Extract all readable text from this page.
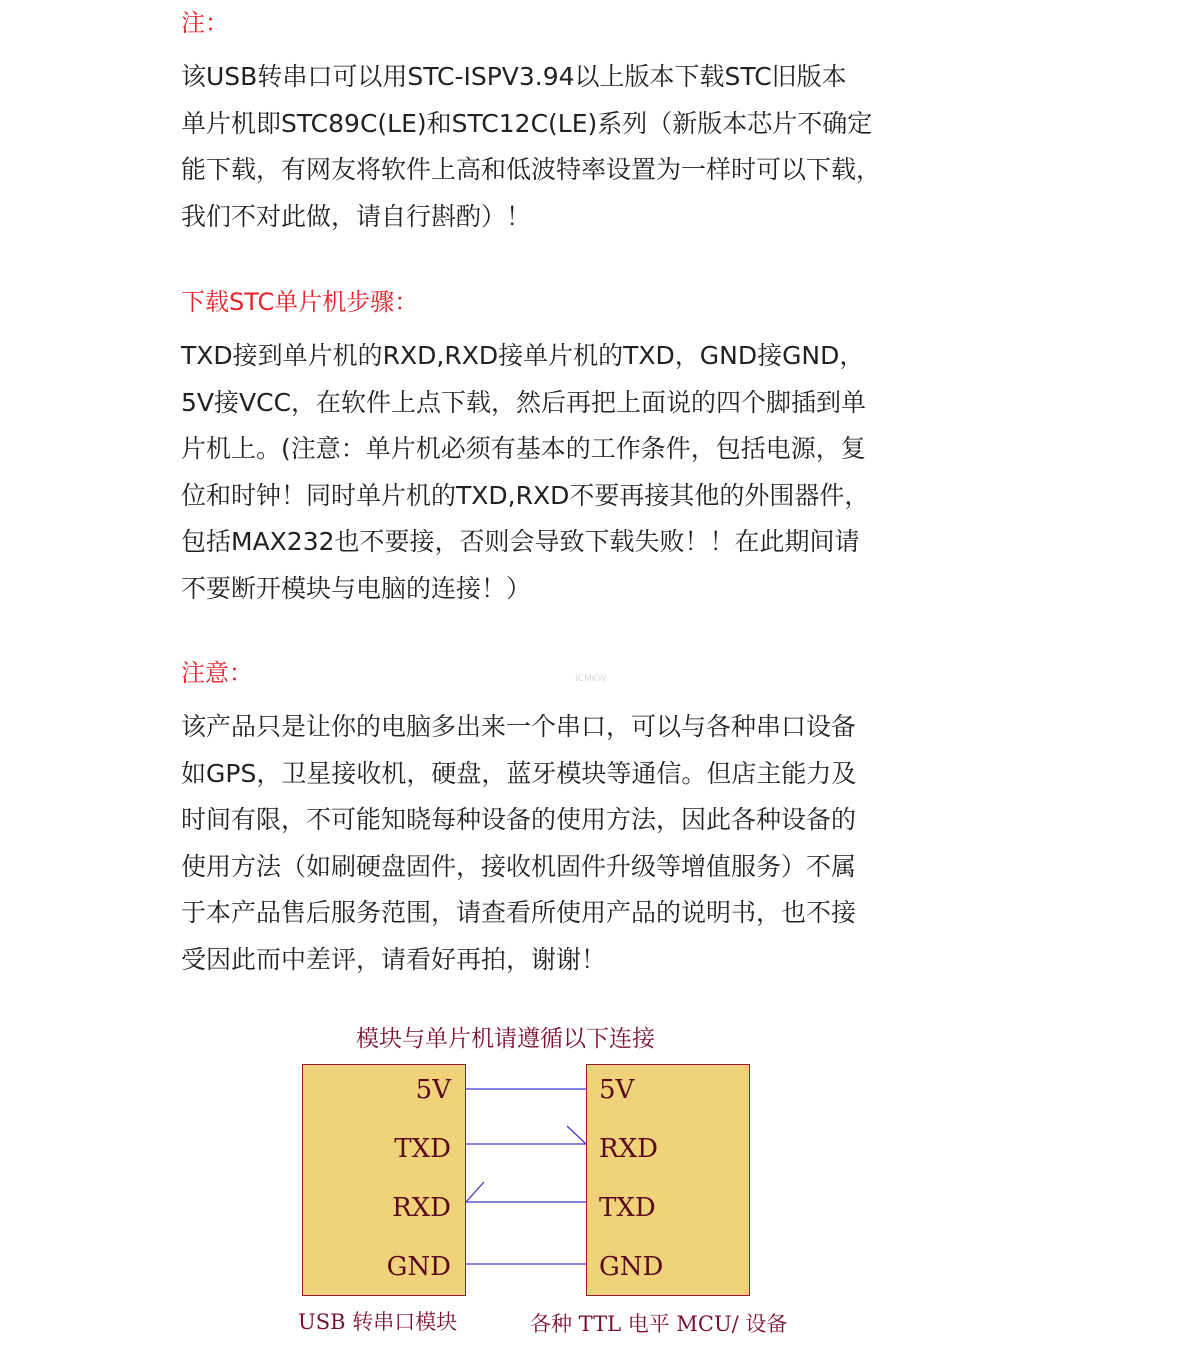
注：

该USB转串口可以用STC-ISPV3.94以上版本下载STC旧版本
单片机即STC89C(LE)和STC12C(LE)系列（新版本芯片不确定
能下载，有网友将软件上高和低波特率设置为一样时可以下载，
我们不对此做，请自行斟酌）！

下载STC单片机步骤：

TXD接到单片机的RXD,RXD接单片机的TXD，GND接GND，
5V接VCC，在软件上点下载，然后再把上面说的四个脚插到单
片机上。(注意：单片机必须有基本的工作条件，包括电源，复
位和时钟！同时单片机的TXD,RXD不要再接其他的外围器件，
包括MAX232也不要接，否则会导致下载失败！！在此期间请
不要断开模块与电脑的连接！）

ICMKW
注意：

该产品只是让你的电脑多出来一个串口，可以与各种串口设备
如GPS，卫星接收机，硬盘，蓝牙模块等通信。但店主能力及
时间有限，不可能知晓每种设备的使用方法，因此各种设备的
使用方法（如刷硬盘固件，接收机固件升级等增值服务）不属
于本产品售后服务范围，请查看所使用产品的说明书，也不接
受因此而中差评，请看好再拍，谢谢！

模块与单片机请遵循以下连接
5V
TXD
RXD
GND
5V
RXD
TXD
GND
USB 转串口模块	各种 TTL 电平 MCU/ 设备
